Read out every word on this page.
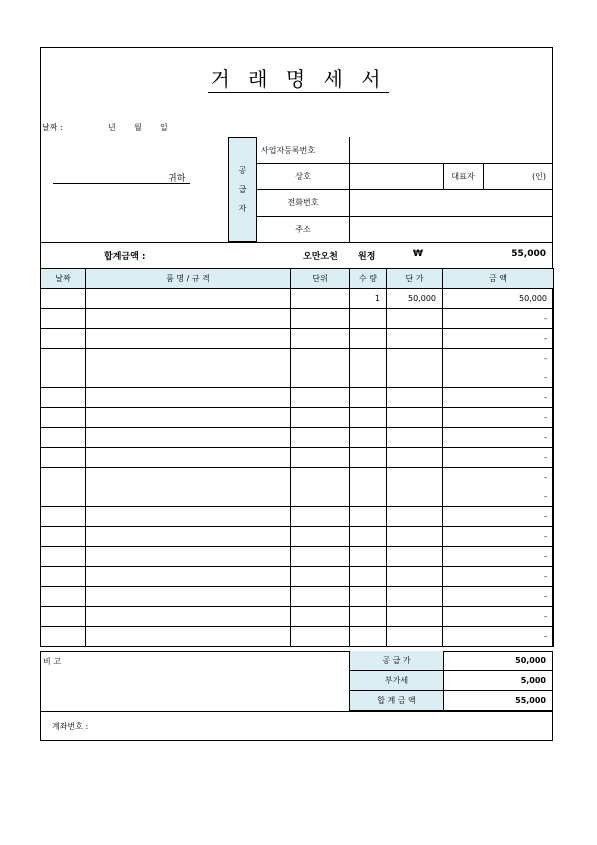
거 래 명 세 서
날짜 :	년 월 일
귀하
공
급
자
사업자등록번호
상호	대표자	(인)
전화번호
주소
합계금액 :	오만오천 원정	₩	55,000
날짜	품 명 / 규 격	단위	수 량	단 가	금 액
			1	50,000	50,000
					-
					-

					-
-

					-
					-
					-
					-

					-
-

					-
					-
					-
					-
					-
					-
					-
비 고	공 급 가	50,000
부가세	5,000
합 계 금 액	55,000
계좌번호 :
